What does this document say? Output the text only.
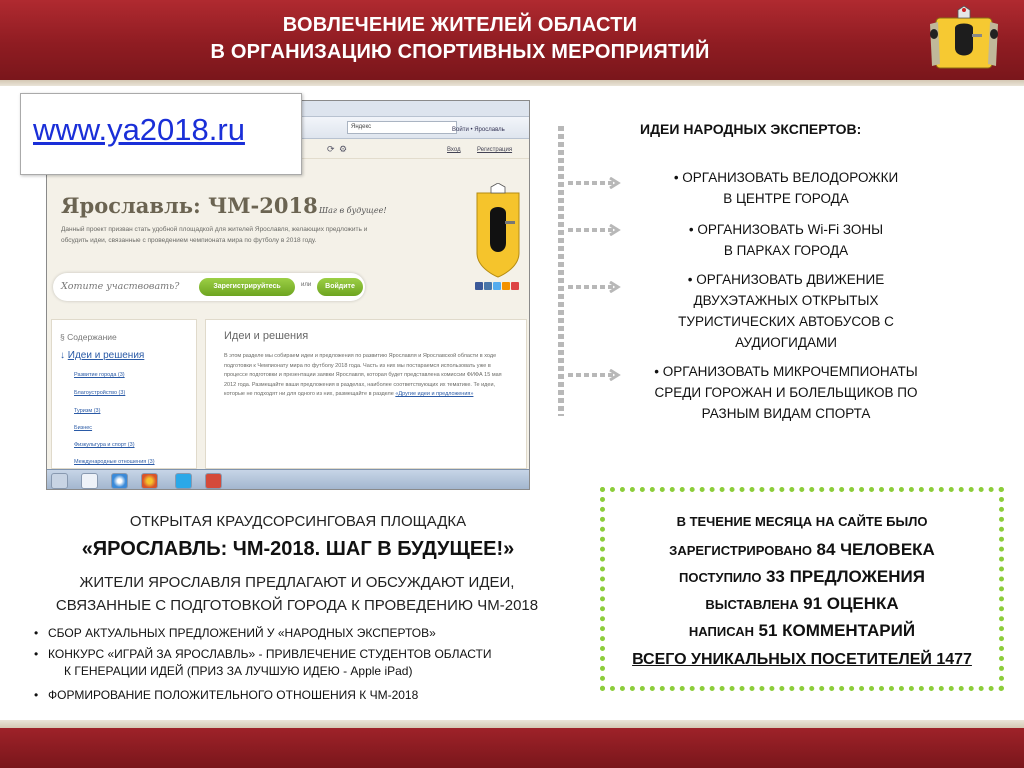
ВОВЛЕЧЕНИЕ ЖИТЕЛЕЙ ОБЛАСТИ
В ОРГАНИЗАЦИЮ СПОРТИВНЫХ МЕРОПРИЯТИЙ
Яндекс
⟳ ⚙
Войти • Ярославль
Вход	Регистрация
Ярославль: ЧМ-2018 Шаг в будущее!
Данный проект призван стать удобной площадкой для жителей Ярославля, желающих предложить и обсудить идеи, связанные с проведением чемпионата мира по футболу в 2018 году.
Хотите участвовать?	Зарегистрируйтесь	или	Войдите
§ Содержание
↓ Идеи и решения
Развитие города (3)
Благоустройство (3)
Туризм (3)
Бизнес
Физкультура и спорт (3)
Международные отношения (3)
Идеи и решения
В этом разделе мы собираем идеи и предложения по развитию Ярославля и Ярославской области в ходе подготовки к Чемпионату мира по футболу 2018 года. Часть из них мы постараемся использовать уже в процессе подготовки и презентации заявки Ярославля, которая будет представлена комиссии ФИФА 15 мая 2012 года. Размещайте ваши предложения в разделах, наиболее соответствующих их тематике. Те идеи, которые не подходят ни для одного из них, размещайте в разделе «Другие идеи и предложения»
www.ya2018.ru	ИДЕИ НАРОДНЫХ ЭКСПЕРТОВ:
• ОРГАНИЗОВАТЬ ВЕЛОДОРОЖКИ
В ЦЕНТРЕ ГОРОДА
• ОРГАНИЗОВАТЬ Wi-Fi ЗОНЫ
В ПАРКАХ ГОРОДА
• ОРГАНИЗОВАТЬ ДВИЖЕНИЕ
ДВУХЭТАЖНЫХ ОТКРЫТЫХ
ТУРИСТИЧЕСКИХ АВТОБУСОВ С
АУДИОГИДАМИ
• ОРГАНИЗОВАТЬ МИКРОЧЕМПИОНАТЫ
СРЕДИ ГОРОЖАН И БОЛЕЛЬЩИКОВ ПО
РАЗНЫМ ВИДАМ СПОРТА
В ТЕЧЕНИЕ МЕСЯЦА НА САЙТЕ БЫЛО
ЗАРЕГИСТРИРОВАНО 84 ЧЕЛОВЕКА
ПОСТУПИЛО 33 ПРЕДЛОЖЕНИЯ
ВЫСТАВЛЕНА 91 ОЦЕНКА
НАПИСАН 51 КОММЕНТАРИЙ
ВСЕГО УНИКАЛЬНЫХ ПОСЕТИТЕЛЕЙ 1477
ОТКРЫТАЯ КРАУДСОРСИНГОВАЯ ПЛОЩАДКА
«ЯРОСЛАВЛЬ: ЧМ-2018. ШАГ В БУДУЩЕЕ!»
ЖИТЕЛИ ЯРОСЛАВЛЯ ПРЕДЛАГАЮТ И ОБСУЖДАЮТ ИДЕИ,
СВЯЗАННЫЕ С ПОДГОТОВКОЙ ГОРОДА К ПРОВЕДЕНИЮ ЧМ-2018
• СБОР АКТУАЛЬНЫХ ПРЕДЛОЖЕНИЙ У «НАРОДНЫХ ЭКСПЕРТОВ»
• КОНКУРС «ИГРАЙ ЗА ЯРОСЛАВЛЬ» - ПРИВЛЕЧЕНИЕ СТУДЕНТОВ ОБЛАСТИ
К ГЕНЕРАЦИИ ИДЕЙ (ПРИЗ ЗА ЛУЧШУЮ ИДЕЮ - Apple iPad)
• ФОРМИРОВАНИЕ ПОЛОЖИТЕЛЬНОГО ОТНОШЕНИЯ К ЧМ-2018
